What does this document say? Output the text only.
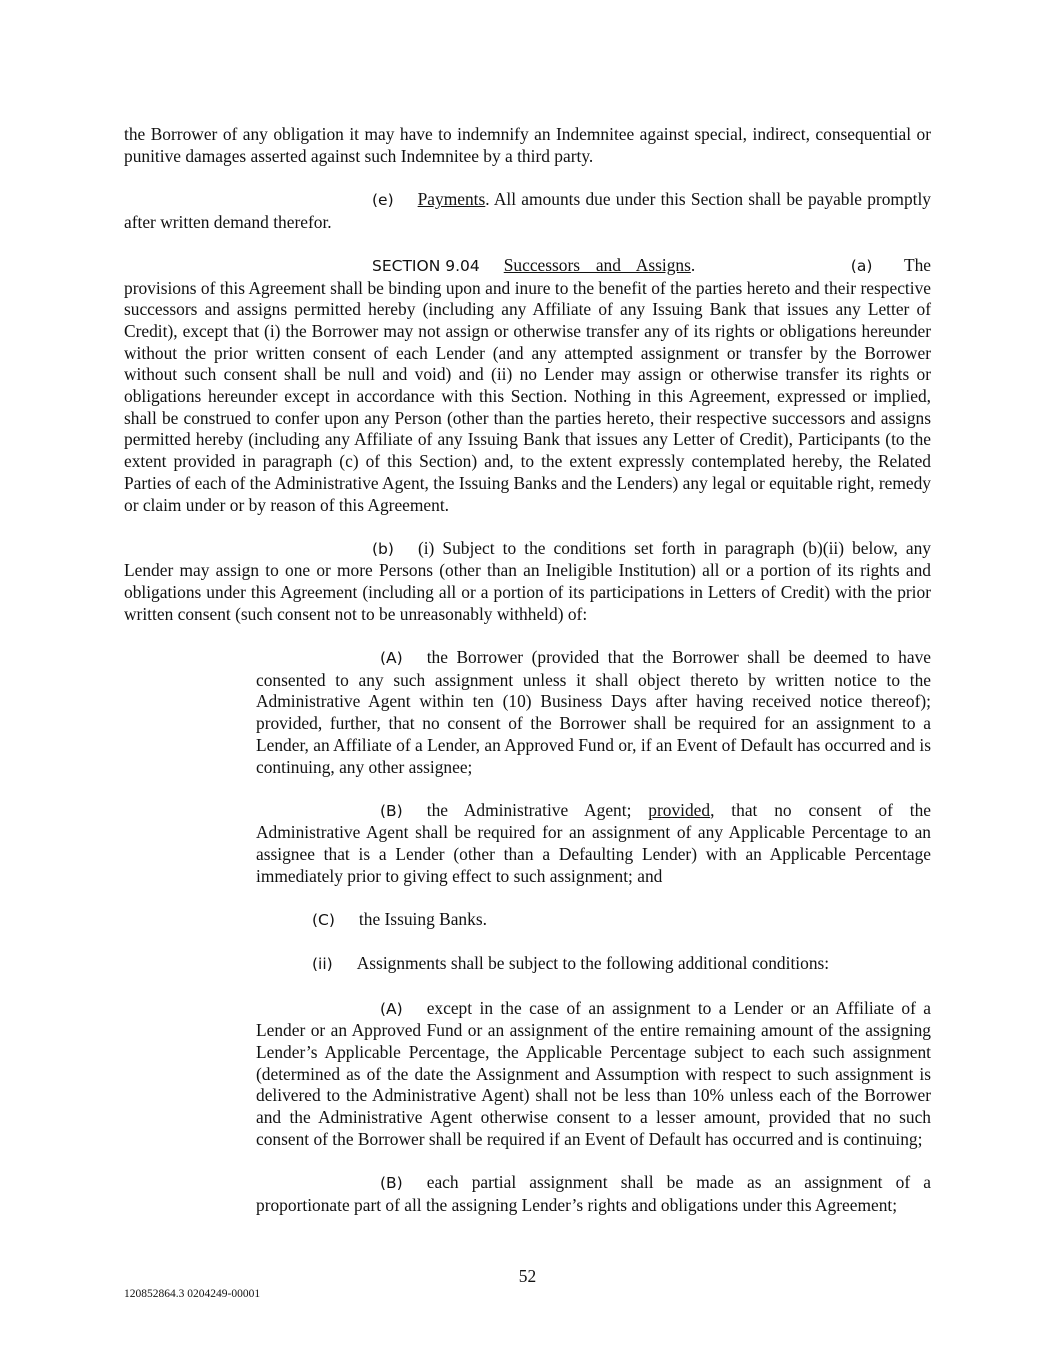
the Borrower of any obligation it may have to indemnify an Indemnitee against special, indirect, consequential or punitive damages asserted against such Indemnitee by a third party.

(e) Payments. All amounts due under this Section shall be payable promptly after written demand therefor.

SECTION 9.04 Successors and Assigns.	(a) The provisions of this Agreement shall be binding upon and inure to the benefit of the parties hereto and their respective successors and assigns permitted hereby (including any Affiliate of any Issuing Bank that issues any Letter of Credit), except that (i) the Borrower may not assign or otherwise transfer any of its rights or obligations hereunder without the prior written consent of each Lender (and any attempted assignment or transfer by the Borrower without such consent shall be null and void) and (ii) no Lender may assign or otherwise transfer its rights or obligations hereunder except in accordance with this Section. Nothing in this Agreement, expressed or implied, shall be construed to confer upon any Person (other than the parties hereto, their respective successors and assigns permitted hereby (including any Affiliate of any Issuing Bank that issues any Letter of Credit), Participants (to the extent provided in paragraph (c) of this Section) and, to the extent expressly contemplated hereby, the Related Parties of each of the Administrative Agent, the Issuing Banks and the Lenders) any legal or equitable right, remedy or claim under or by reason of this Agreement.

(b) (i) Subject to the conditions set forth in paragraph (b)(ii) below, any Lender may assign to one or more Persons (other than an Ineligible Institution) all or a portion of its rights and obligations under this Agreement (including all or a portion of its participations in Letters of Credit) with the prior written consent (such consent not to be unreasonably withheld) of:

(A) the Borrower (provided that the Borrower shall be deemed to have consented to any such assignment unless it shall object thereto by written notice to the Administrative Agent within ten (10) Business Days after having received notice thereof); provided, further, that no consent of the Borrower shall be required for an assignment to a Lender, an Affiliate of a Lender, an Approved Fund or, if an Event of Default has occurred and is continuing, any other assignee;

(B) the Administrative Agent; provided, that no consent of the Administrative Agent shall be required for an assignment of any Applicable Percentage to an assignee that is a Lender (other than a Defaulting Lender) with an Applicable Percentage immediately prior to giving effect to such assignment; and

(C) the Issuing Banks.

(ii) Assignments shall be subject to the following additional conditions:

(A) except in the case of an assignment to a Lender or an Affiliate of a Lender or an Approved Fund or an assignment of the entire remaining amount of the assigning Lender’s Applicable Percentage, the Applicable Percentage subject to each such assignment (determined as of the date the Assignment and Assumption with respect to such assignment is delivered to the Administrative Agent) shall not be less than 10% unless each of the Borrower and the Administrative Agent otherwise consent to a lesser amount, provided that no such consent of the Borrower shall be required if an Event of Default has occurred and is continuing;

(B) each partial assignment shall be made as an assignment of a proportionate part of all the assigning Lender’s rights and obligations under this Agreement;

52
120852864.3 0204249-00001
